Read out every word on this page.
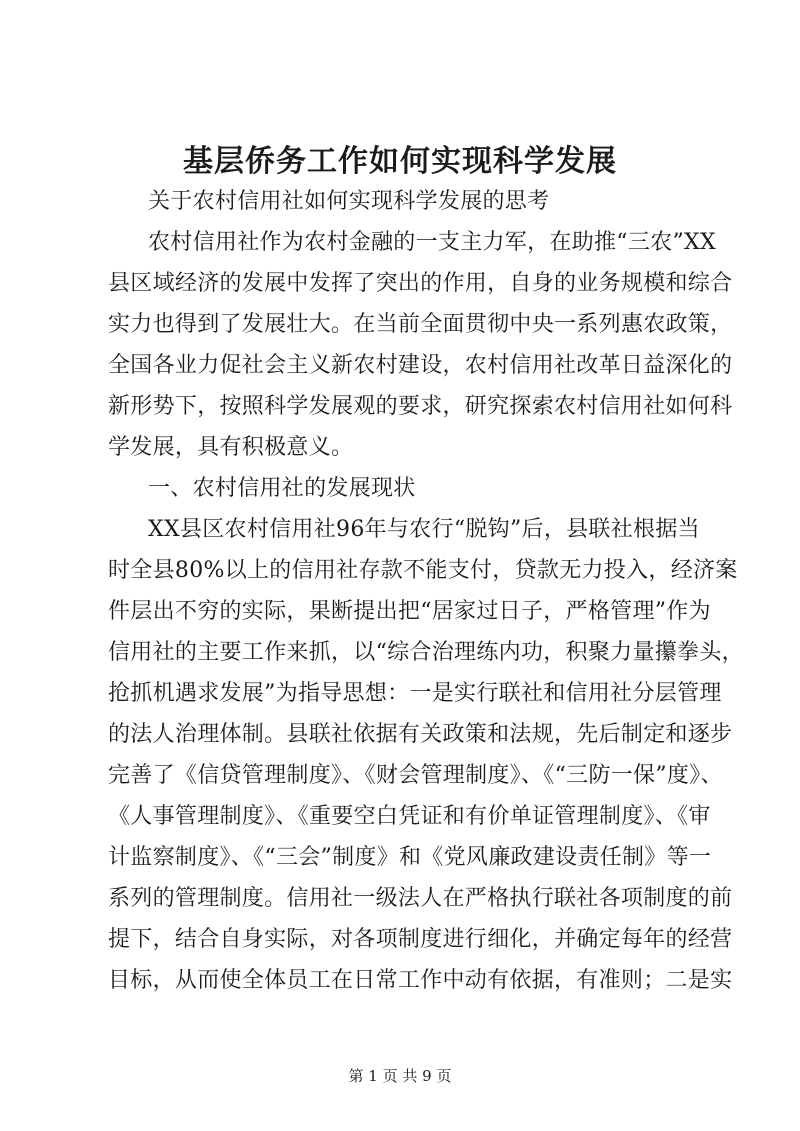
基层侨务工作如何实现科学发展
关于农村信用社如何实现科学发展的思考
农村信用社作为农村金融的一支主力军，在助推“三农”XX
县区域经济的发展中发挥了突出的作用，自身的业务规模和综合
实力也得到了发展壮大。在当前全面贯彻中央一系列惠农政策，
全国各业力促社会主义新农村建设，农村信用社改革日益深化的
新形势下，按照科学发展观的要求，研究探索农村信用社如何科
学发展，具有积极意义。
一、农村信用社的发展现状
XX县区农村信用社96年与农行“脱钩”后，县联社根据当
时全县80%以上的信用社存款不能支付，贷款无力投入，经济案
件层出不穷的实际，果断提出把“居家过日子，严格管理”作为
信用社的主要工作来抓，以“综合治理练内功，积聚力量攥拳头，
抢抓机遇求发展”为指导思想：一是实行联社和信用社分层管理
的法人治理体制。县联社依据有关政策和法规，先后制定和逐步
完善了《信贷管理制度》、《财会管理制度》、《“三防一保”度》、
《人事管理制度》、《重要空白凭证和有价单证管理制度》、《审
计监察制度》、《“三会”制度》和《党风廉政建设责任制》等一
系列的管理制度。信用社一级法人在严格执行联社各项制度的前
提下，结合自身实际，对各项制度进行细化，并确定每年的经营
目标，从而使全体员工在日常工作中动有依据，有准则；二是实
第 1 页 共 9 页
